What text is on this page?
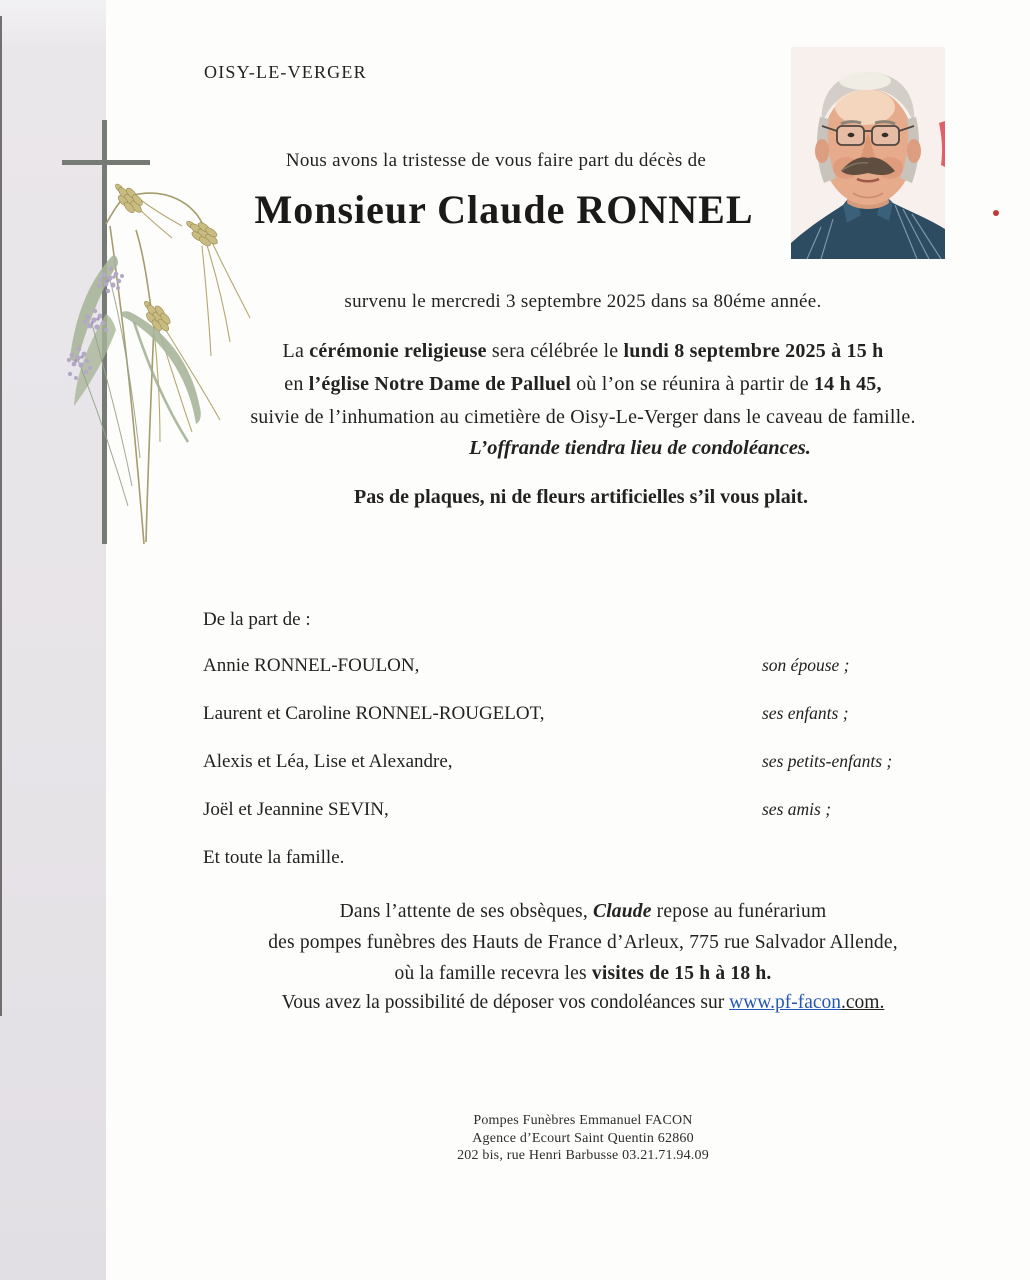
OISY-LE-VERGER
Nous avons la tristesse de vous faire part du décès de
Monsieur Claude RONNEL
survenu le mercredi 3 septembre 2025 dans sa 80éme année.
La cérémonie religieuse sera célébrée le lundi 8 septembre 2025 à 15 h
en l’église Notre Dame de Palluel où l’on se réunira à partir de 14 h 45,
suivie de l’inhumation au cimetière de Oisy-Le-Verger dans le caveau de famille.
L’offrande tiendra lieu de condoléances.
Pas de plaques, ni de fleurs artificielles s’il vous plait.
De la part de :
Annie RONNEL-FOULON,	son épouse ;
Laurent et Caroline RONNEL-ROUGELOT,	ses enfants ;
Alexis et Léa, Lise et Alexandre,	ses petits-enfants ;
Joël et Jeannine SEVIN,	ses amis ;
Et toute la famille.
Dans l’attente de ses obsèques, Claude repose au funérarium
des pompes funèbres des Hauts de France d’Arleux, 775 rue Salvador Allende,
où la famille recevra les visites de 15 h à 18 h.
Vous avez la possibilité de déposer vos condoléances sur www.pf-facon.com.
Pompes Funèbres Emmanuel FACON
Agence d’Ecourt Saint Quentin 62860
202 bis, rue Henri Barbusse 03.21.71.94.09
